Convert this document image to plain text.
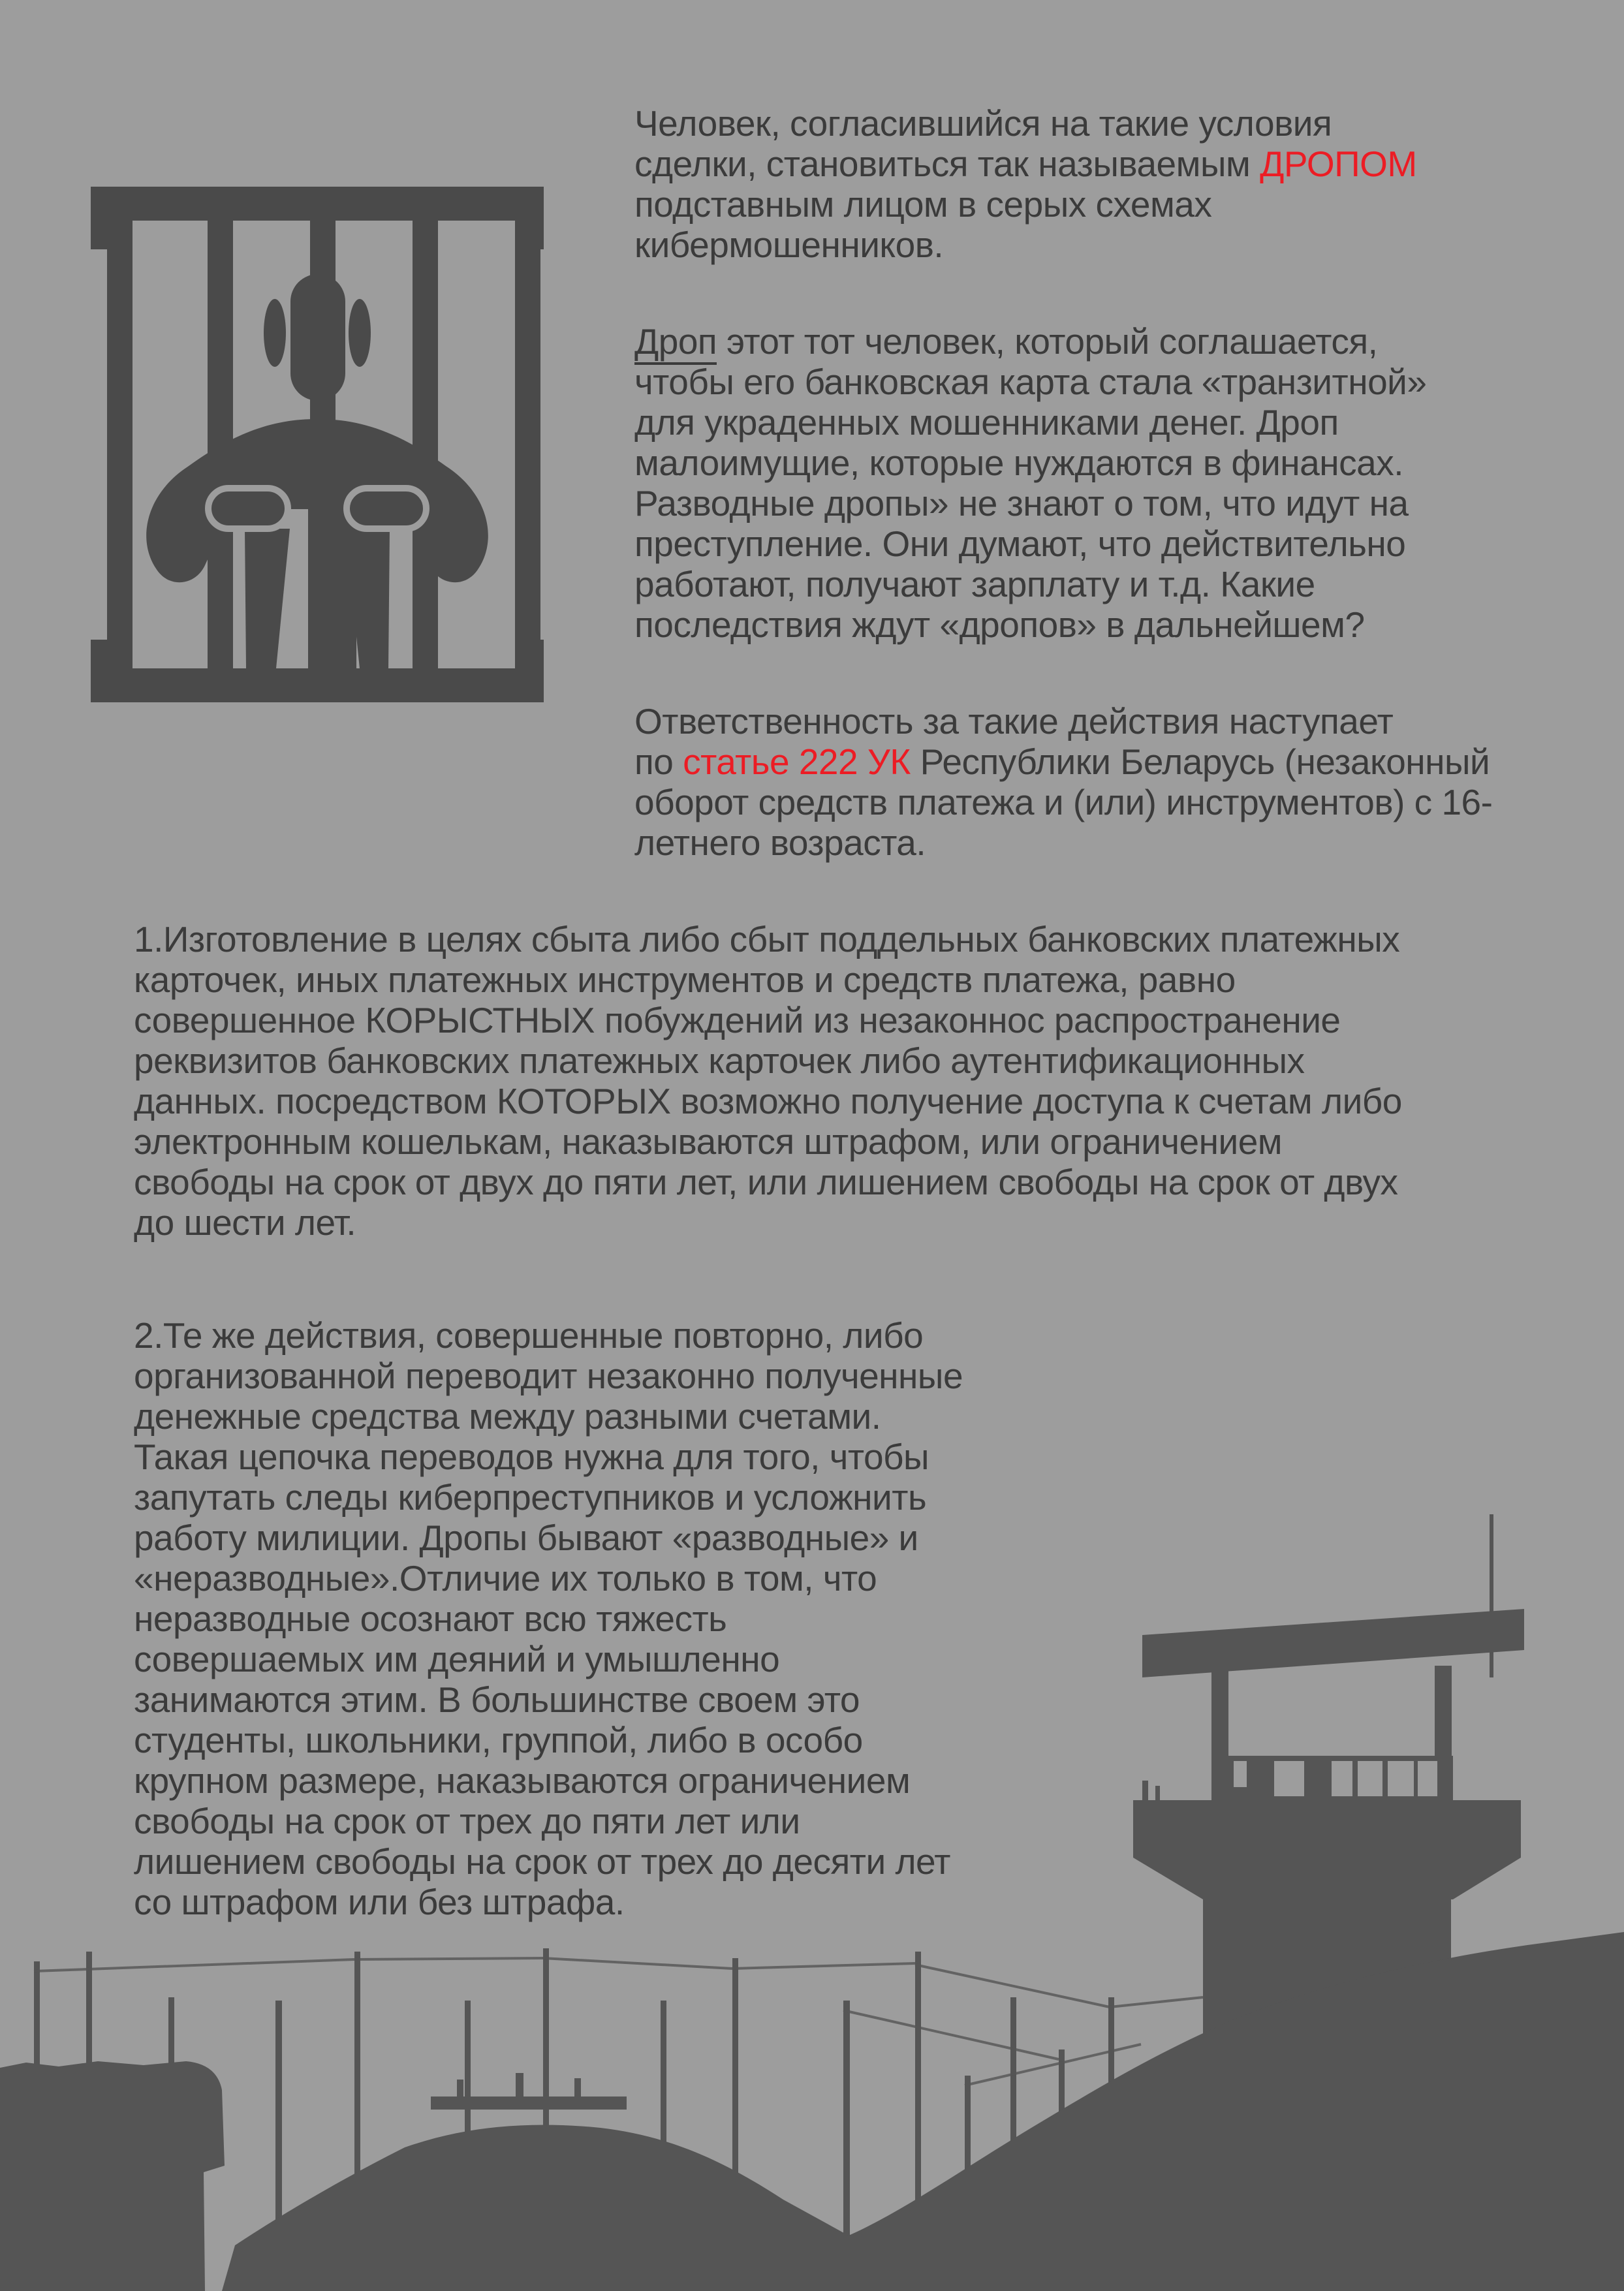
Человек, согласившийся на такие условия
сделки, становиться так называемым ДРОПОМ
подставным лицом в серых схемах
кибермошенников.
Дроп этот тот человек, который соглашается,
чтобы его банковская карта стала «транзитной»
для украденных мошенниками денег. Дроп
малоимущие, которые нуждаются в финансах.
Разводные дропы» не знают о том, что идут на
преступление. Они думают, что действительно
работают, получают зарплату и т.д. Какие
последствия ждут «дропов» в дальнейшем?
Ответственность за такие действия наступает
по статье 222 УК Республики Беларусь (незаконный
оборот средств платежа и (или) инструментов) с 16-
летнего возраста.
1.Изготовление в целях сбыта либо сбыт поддельных банковских платежных
карточек, иных платежных инструментов и средств платежа, равно
совершенное КОРЫСТНЫХ побуждений из незаконнос распространение
реквизитов банковских платежных карточек либо аутентификационных
данных. посредством КОТОРЫХ возможно получение доступа к счетам либо
электронным кошелькам, наказываются штрафом, или ограничением
свободы на срок от двух до пяти лет, или лишением свободы на срок от двух
до шести лет.
2.Те же действия, совершенные повторно, либо
организованной переводит незаконно полученные
денежные средства между разными счетами.
Такая цепочка переводов нужна для того, чтобы
запутать следы киберпреступников и усложнить
работу милиции. Дропы бывают «разводные» и
«неразводные».Отличие их только в том, что
неразводные осознают всю тяжесть
совершаемых им деяний и умышленно
занимаются этим. В большинстве своем это
студенты, школьники, группой, либо в особо
крупном размере, наказываются ограничением
свободы на срок от трех до пяти лет или
лишением свободы на срок от трех до десяти лет
со штрафом или без штрафа.
